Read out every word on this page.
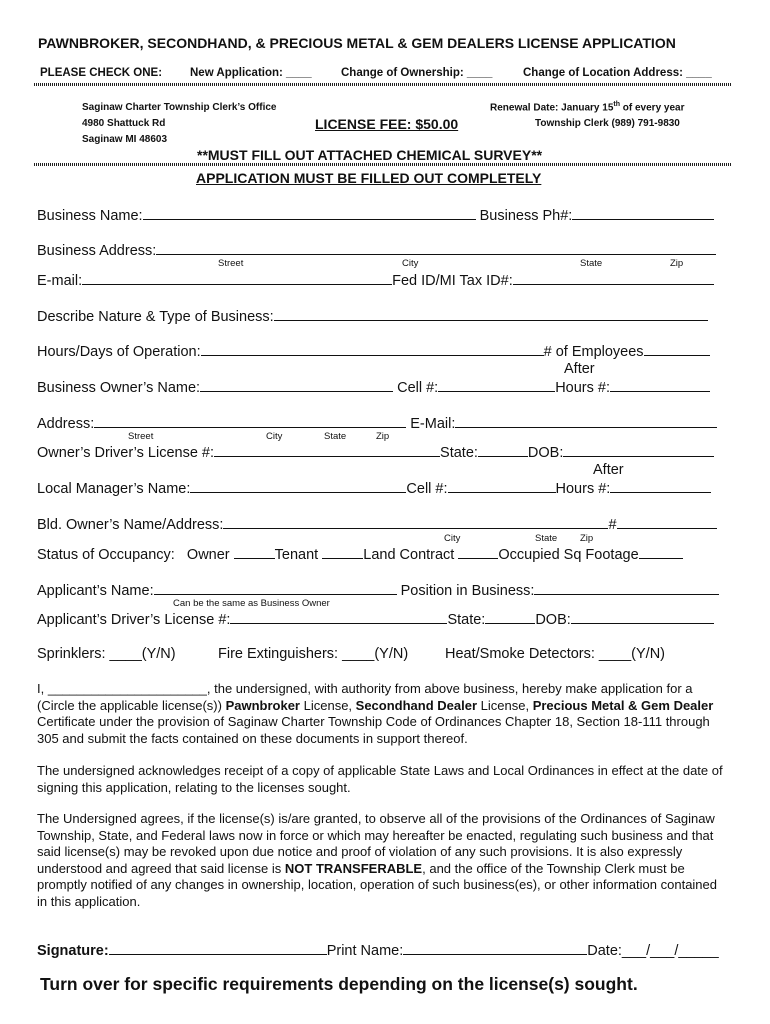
PAWNBROKER, SECONDHAND, & PRECIOUS METAL & GEM DEALERS LICENSE APPLICATION
PLEASE CHECK ONE: New Application: ____	Change of Ownership: ____	Change of Location Address: ____
Saginaw Charter Township Clerk’s Office
4980 Shattuck Rd
Saginaw MI 48603
LICENSE FEE: $50.00
Renewal Date: January 15th of every year
Township Clerk (989) 791-9830
**MUST FILL OUT ATTACHED CHEMICAL SURVEY**
APPLICATION MUST BE FILLED OUT COMPLETELY
Business Name:	Business Ph#:
Business Address:
Street	City	State	Zip
E-mail:	Fed ID/MI Tax ID#:
Describe Nature & Type of Business:
Hours/Days of Operation:	# of Employees
After
Business Owner’s Name:	Cell #:	Hours #:
Address:	E-Mail:
Street	City	State	Zip
Owner’s Driver’s License #:	State:	DOB:
After
Local Manager’s Name:	Cell #:	Hours #:
Bld. Owner’s Name/Address:	#
City	State Zip
Status of Occupancy: Owner	Tenant	Land Contract	Occupied Sq Footage
Applicant’s Name:	Position in Business:
Can be the same as Business Owner
Applicant’s Driver’s License #:	State:	DOB:
Sprinklers: ____(Y/N)	Fire Extinguishers: ____(Y/N)	Heat/Smoke Detectors: ____(Y/N)
I, ______________________, the undersigned, with authority from above business, hereby make application for a (Circle the applicable license(s)) Pawnbroker License, Secondhand Dealer License, Precious Metal & Gem Dealer Certificate under the provision of Saginaw Charter Township Code of Ordinances Chapter 18, Section 18-111 through 305 and submit the facts contained on these documents in support thereof.
The undersigned acknowledges receipt of a copy of applicable State Laws and Local Ordinances in effect at the date of signing this application, relating to the licenses sought.
The Undersigned agrees, if the license(s) is/are granted, to observe all of the provisions of the Ordinances of Saginaw Township, State, and Federal laws now in force or which may hereafter be enacted, regulating such business and that said license(s) may be revoked upon due notice and proof of violation of any such provisions. It is also expressly understood and agreed that said license is NOT TRANSFERABLE, and the office of the Township Clerk must be promptly notified of any changes in ownership, location, operation of such business(es), or other information contained in this application.
Signature:	Print Name:	Date:___/___/_____
Turn over for specific requirements depending on the license(s) sought.
